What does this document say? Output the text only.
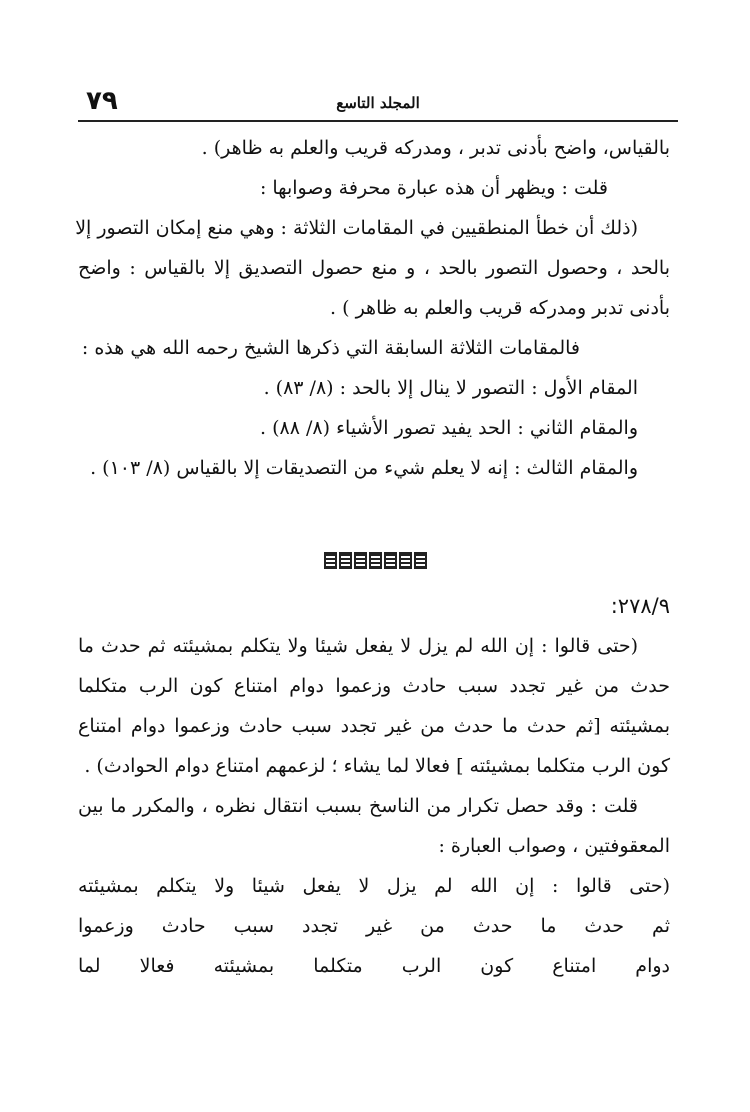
٧٩	المجلد التاسع
بالقياس، واضح بأدنى تدبر ، ومدركه قريب والعلم به ظاهر) .
قلت : ويظهر أن هذه عبارة محرفة وصوابها :
(ذلك أن خطأ المنطقيين في المقامات الثلاثة : وهي منع إمكان التصور إلا
بالحد ، وحصول التصور بالحد ، و منع حصول التصديق إلا بالقياس : واضح
بأدنى تدبر ومدركه قريب والعلم به ظاهر ) .
فالمقامات الثلاثة السابقة التي ذكرها الشيخ رحمه الله هي هذه :
المقام الأول : التصور لا ينال إلا بالحد : (٨/ ٨٣) .
والمقام الثاني : الحد يفيد تصور الأشياء (٨/ ٨٨) .
والمقام الثالث : إنه لا يعلم شيء من التصديقات إلا بالقياس (٨/ ١٠٣) .
٢٧٨/٩:
(حتى قالوا : إن الله لم يزل لا يفعل شيئا ولا يتكلم بمشيئته ثم حدث ما
حدث من غير تجدد سبب حادث وزعموا دوام امتناع كون الرب متكلما
بمشيئته [ثم حدث ما حدث من غير تجدد سبب حادث وزعموا دوام امتناع
كون الرب متكلما بمشيئته ] فعالا لما يشاء ؛ لزعمهم امتناع دوام الحوادث) .
قلت : وقد حصل تكرار من الناسخ بسبب انتقال نظره ، والمكرر ما بين
المعقوفتين ، وصواب العبارة :
(حتى قالوا : إن الله لم يزل لا يفعل شيئا ولا يتكلم بمشيئته
ثم حدث ما حدث من غير تجدد سبب حادث وزعموا
دوام امتناع كون الرب متكلما بمشيئته فعالا لما
